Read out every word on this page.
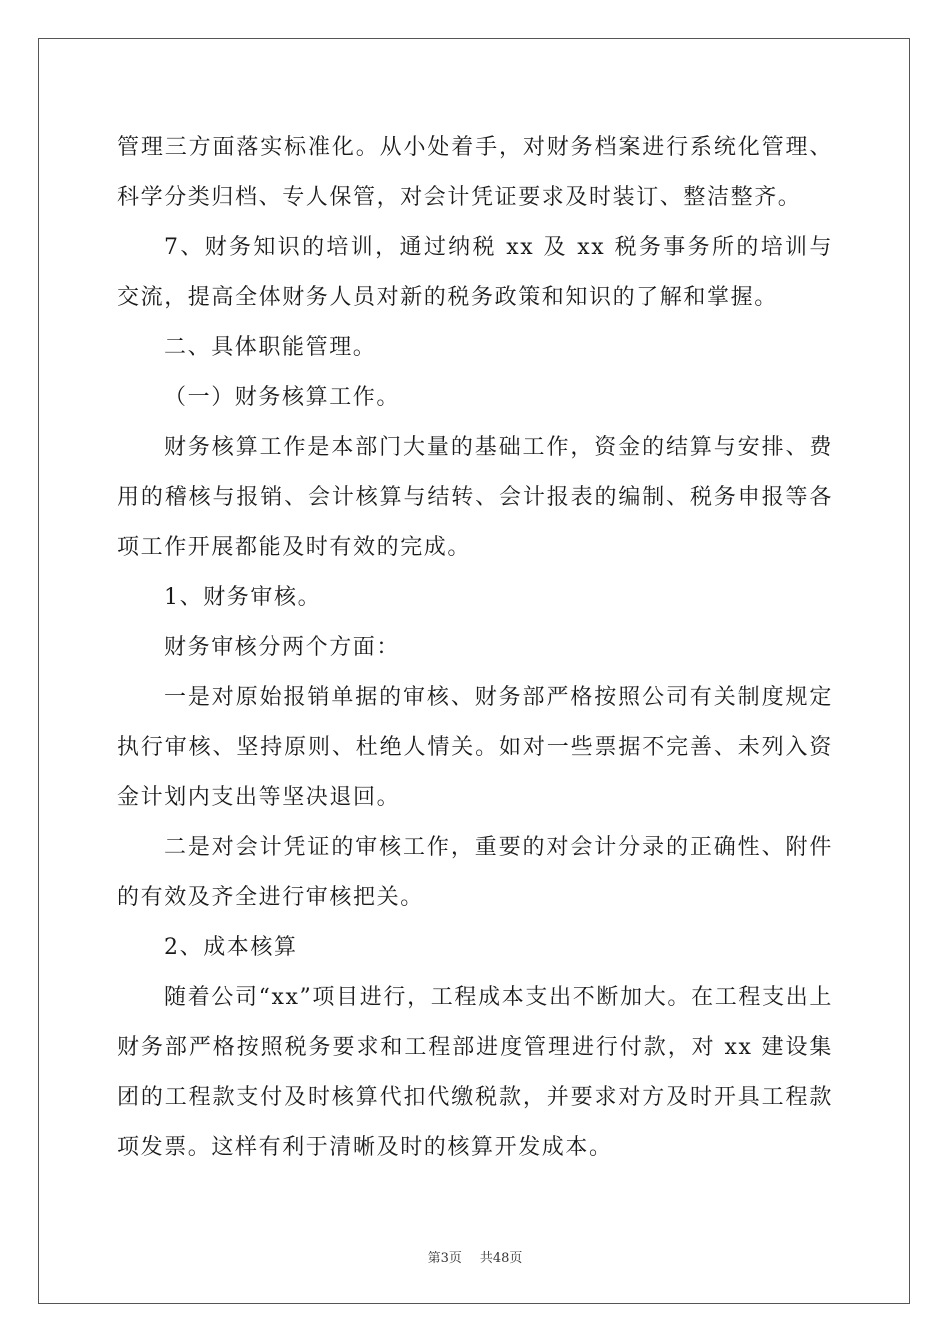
管理三方面落实标准化。从小处着手，对财务档案进行系统化管理、科学分类归档、专人保管，对会计凭证要求及时装订、整洁整齐。

7、财务知识的培训，通过纳税 xx 及 xx 税务事务所的培训与交流，提高全体财务人员对新的税务政策和知识的了解和掌握。

二、具体职能管理。

（一）财务核算工作。

财务核算工作是本部门大量的基础工作，资金的结算与安排、费用的稽核与报销、会计核算与结转、会计报表的编制、税务申报等各项工作开展都能及时有效的完成。

1、财务审核。

财务审核分两个方面：

一是对原始报销单据的审核、财务部严格按照公司有关制度规定执行审核、坚持原则、杜绝人情关。如对一些票据不完善、未列入资金计划内支出等坚决退回。

二是对会计凭证的审核工作，重要的对会计分录的正确性、附件的有效及齐全进行审核把关。

2、成本核算

随着公司“xx”项目进行，工程成本支出不断加大。在工程支出上财务部严格按照税务要求和工程部进度管理进行付款，对 xx 建设集团的工程款支付及时核算代扣代缴税款，并要求对方及时开具工程款项发票。这样有利于清晰及时的核算开发成本。

第3页 共48页
